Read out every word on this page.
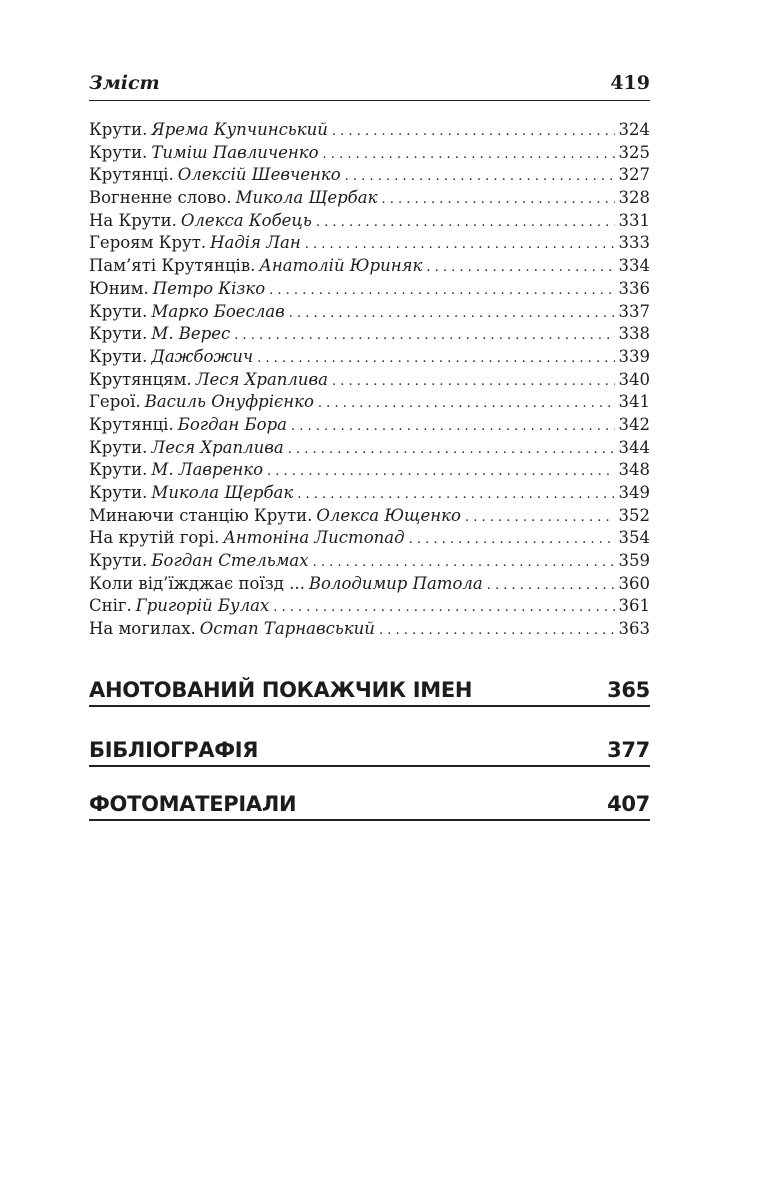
Зміст	419
Крути. Ярема Купчинський . . .	324
Крути. Тиміш Павличенко . . .	325
Крутянці. Олексій Шевченко . . .	327
Вогненне слово. Микола Щербак . . .	328
На Крути. Олекса Кобець . . .	331
Героям Крут. Надія Лан . . .	333
Пам’яті Крутянців. Анатолій Юриняк . . .	334
Юним. Петро Кізко . . .	336
Крути. Марко Боеслав . . .	337
Крути. М. Верес . . .	338
Крути. Дажбожич . . .	339
Крутянцям. Леся Храплива . . .	340
Герої. Василь Онуфрієнко . . .	341
Крутянці. Богдан Бора . . .	342
Крути. Леся Храплива . . .	344
Крути. М. Лавренко . . .	348
Крути. Микола Щербак . . .	349
Минаючи станцію Крути. Олекса Ющенко . . .	352
На крутій горі. Антоніна Листопад . . .	354
Крути. Богдан Стельмах . . .	359
Коли від’їжджає поїзд ... Володимир Патола . . .	360
Сніг. Григорій Булах . . .	361
На могилах. Остап Тарнавський . . .	363
АНОТОВАНИЙ ПОКАЖЧИК ІМЕН	365
БІБЛІОГРАФІЯ	377
ФОТОМАТЕРІАЛИ	407
